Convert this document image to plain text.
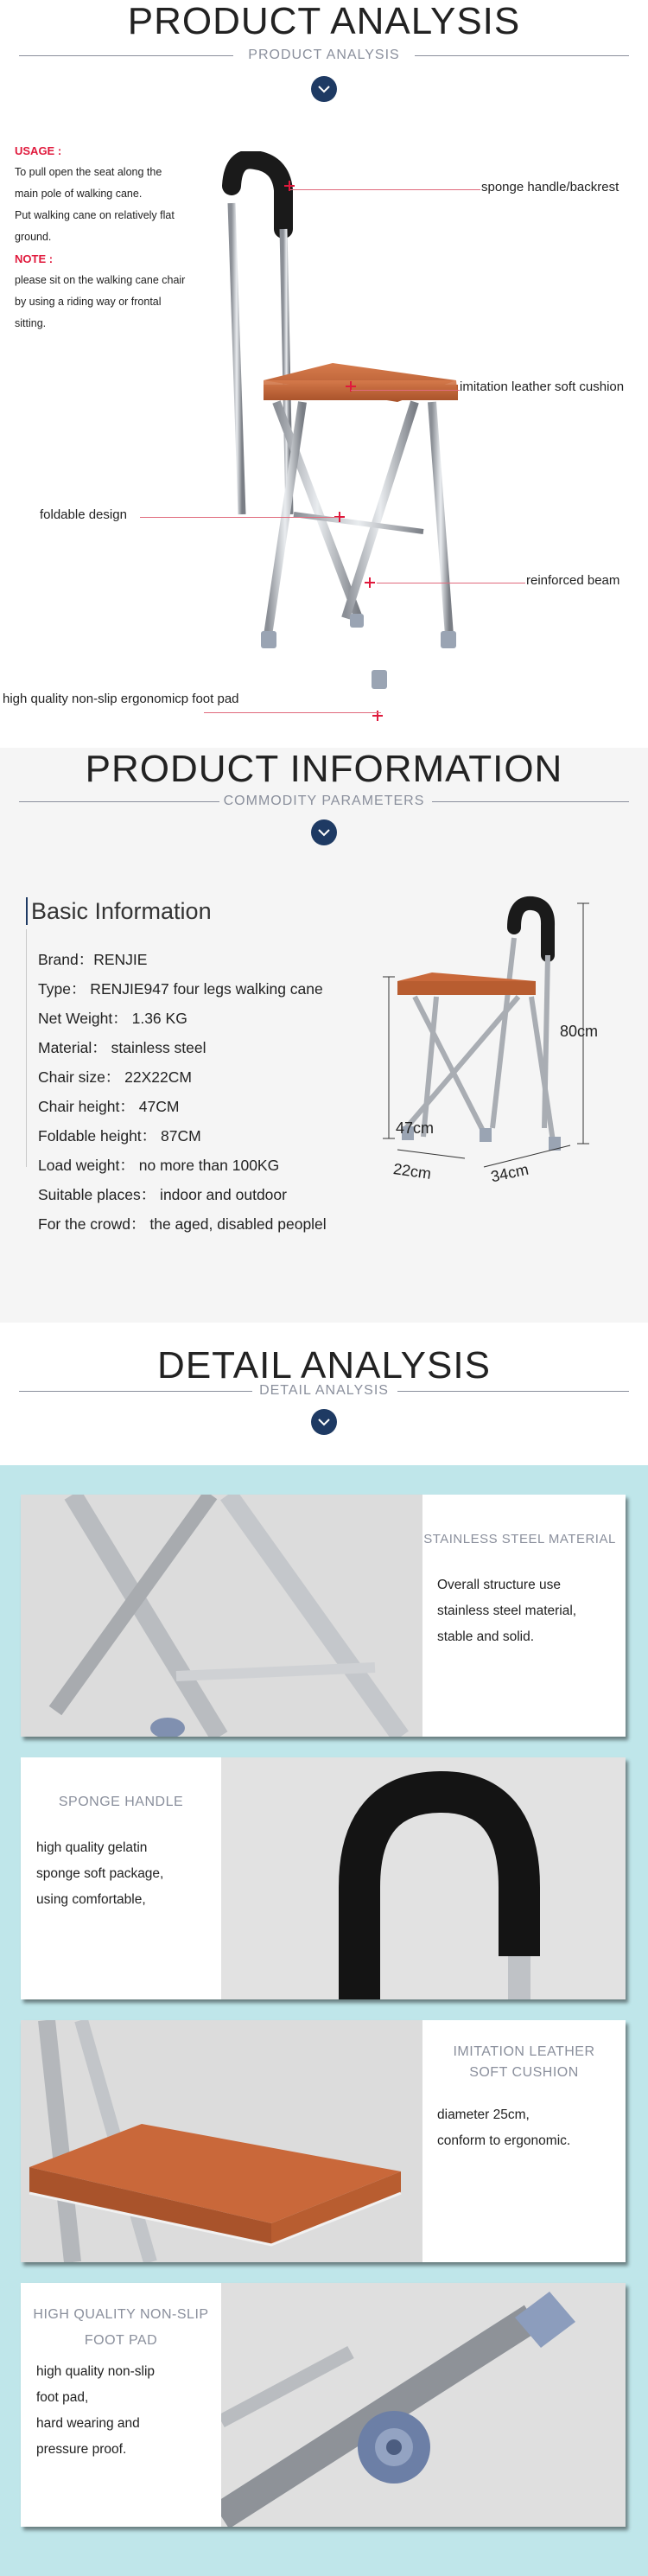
PRODUCT ANALYSIS
PRODUCT ANALYSIS
USAGE :
To pull open the seat along the
main pole of walking cane.
Put walking cane on relatively flat
ground.
NOTE :
please sit on the walking cane chair
by using a riding way or frontal
sitting.
sponge handle/backrest
imitation leather soft cushion
foldable design
reinforced beam
high quality non-slip ergonomicp foot pad
PRODUCT INFORMATION
COMMODITY PARAMETERS
Basic Information
Brand：RENJIE
Type： RENJIE947 four legs walking cane
Net Weight： 1.36 KG
Material： stainless steel
Chair size： 22X22CM
Chair height： 47CM
Foldable height： 87CM
Load weight： no more than 100KG
Suitable places： indoor and outdoor
For the crowd： the aged, disabled peoplel
80cm
47cm
22cm	34cm
DETAIL ANALYSIS
DETAIL ANALYSIS
STAINLESS STEEL MATERIAL
Overall structure use
stainless steel material,
stable and solid.
SPONGE HANDLE
high quality gelatin
sponge soft package,
using comfortable,
IMITATION LEATHER
SOFT CUSHION
diameter 25cm,
conform to ergonomic.
HIGH QUALITY NON-SLIP
FOOT PAD
high quality non-slip
foot pad,
hard wearing and
pressure proof.
